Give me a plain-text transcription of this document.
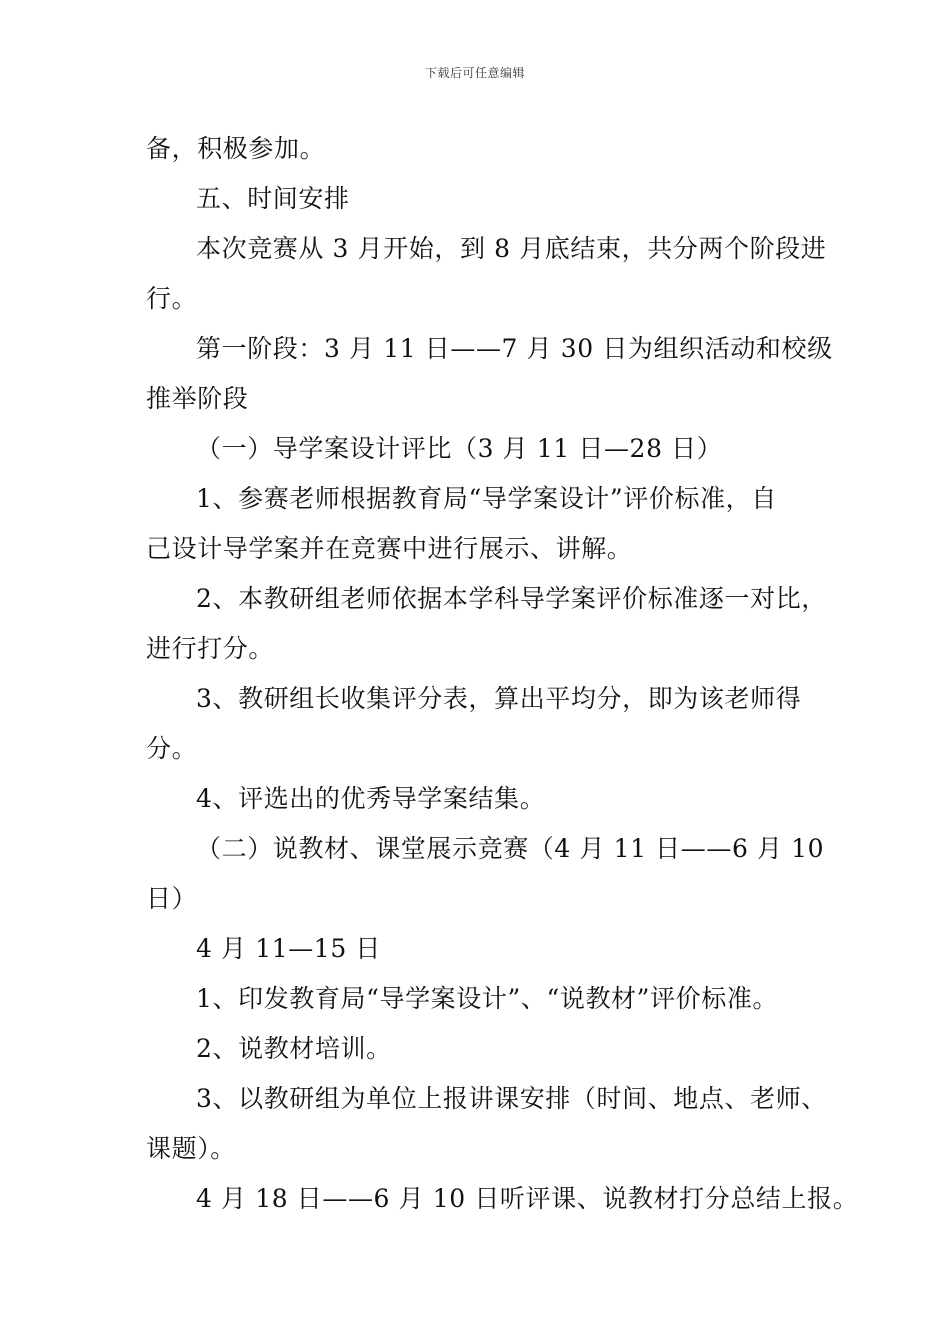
下载后可任意编辑
备，积极参加。
五、时间安排
本次竞赛从 3 月开始，到 8 月底结束，共分两个阶段进
行。
第一阶段：3 月 11 日——7 月 30 日为组织活动和校级
推举阶段
（一）导学案设计评比（3 月 11 日—28 日）
1、参赛老师根据教育局“导学案设计”评价标准，自
己设计导学案并在竞赛中进行展示、讲解。
2、本教研组老师依据本学科导学案评价标准逐一对比，
进行打分。
3、教研组长收集评分表，算出平均分，即为该老师得
分。
4、评选出的优秀导学案结集。
（二）说教材、课堂展示竞赛（4 月 11 日——6 月 10
日）
4 月 11—15 日
1、印发教育局“导学案设计”、“说教材”评价标准。
2、说教材培训。
3、以教研组为单位上报讲课安排（时间、地点、老师、
课题）。
4 月 18 日——6 月 10 日听评课、说教材打分总结上报。
